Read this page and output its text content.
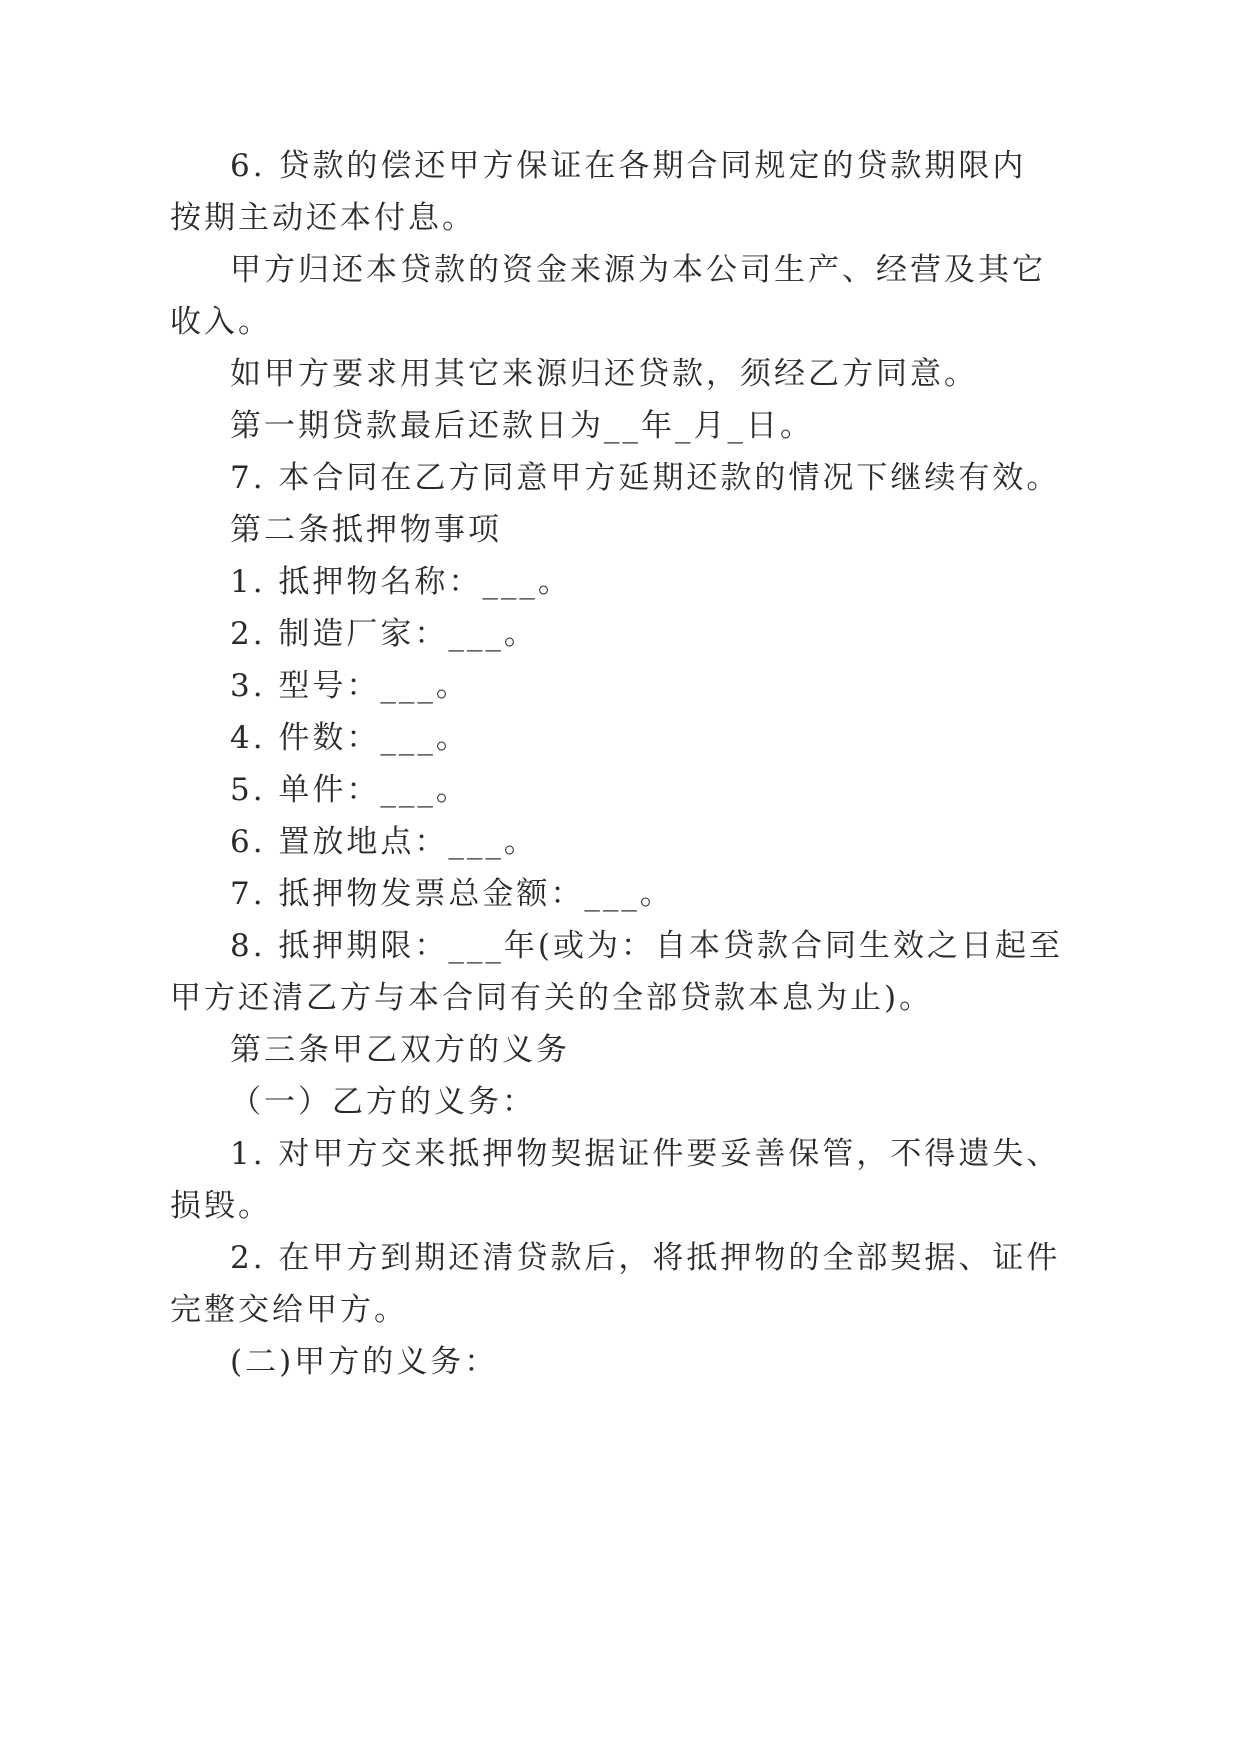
6. 贷款的偿还甲方保证在各期合同规定的贷款期限内

按期主动还本付息。

甲方归还本贷款的资金来源为本公司生产、经营及其它

收入。

如甲方要求用其它来源归还贷款，须经乙方同意。

第一期贷款最后还款日为__年_月_日。

7. 本合同在乙方同意甲方延期还款的情况下继续有效。

第二条抵押物事项

1. 抵押物名称：___。

2. 制造厂家：___。

3. 型号：___。

4. 件数：___。

5. 单件：___。

6. 置放地点：___。

7. 抵押物发票总金额：___。

8. 抵押期限：___年(或为：自本贷款合同生效之日起至

甲方还清乙方与本合同有关的全部贷款本息为止)。

第三条甲乙双方的义务

（一）乙方的义务：

1. 对甲方交来抵押物契据证件要妥善保管，不得遗失、

损毁。

2. 在甲方到期还清贷款后，将抵押物的全部契据、证件

完整交给甲方。

(二)甲方的义务：
